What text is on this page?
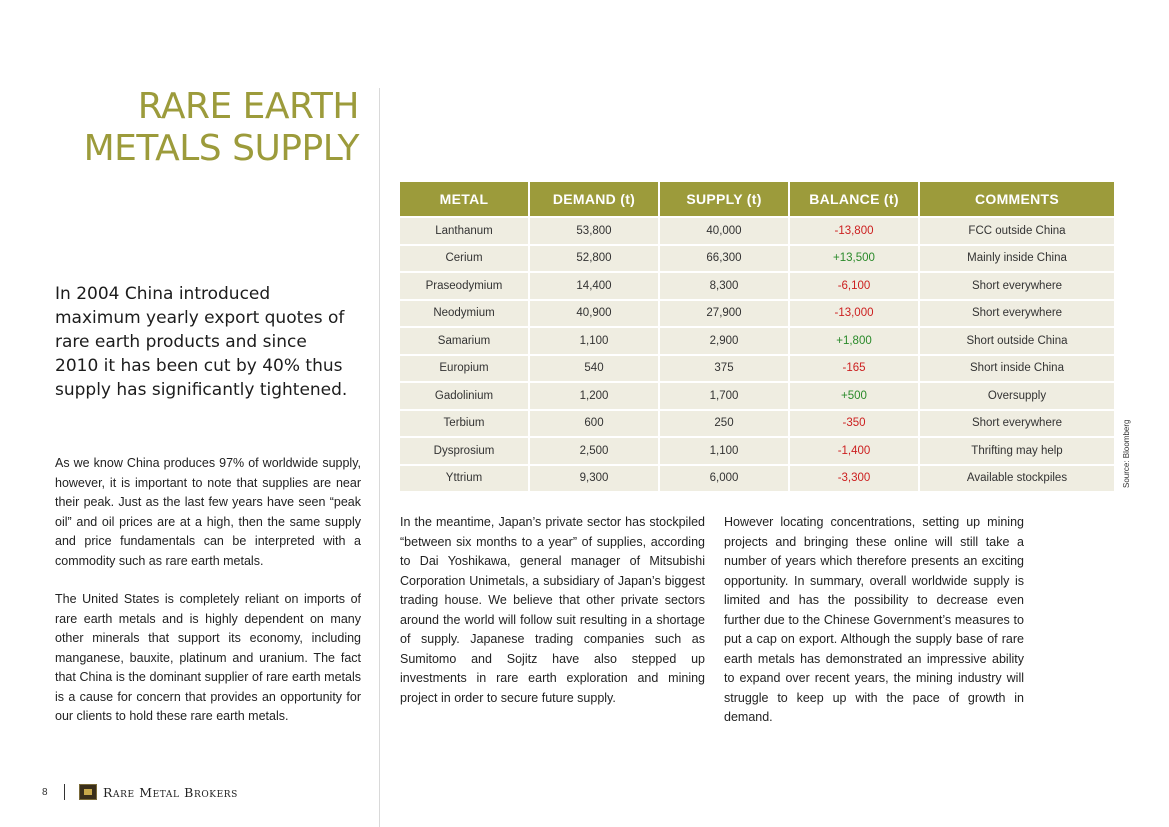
RARE EARTH
METALS SUPPLY
In 2004 China introduced maximum yearly export quotes of rare earth products and since 2010 it has been cut by 40% thus supply has significantly tightened.

As we know China produces 97% of worldwide supply, however, it is important to note that supplies are near their peak. Just as the last few years have seen “peak oil” and oil prices are at a high, then the same supply and price fundamentals can be interpreted with a commodity such as rare earth metals.

The United States is completely reliant on imports of rare earth metals and is highly dependent on many other minerals that support its economy, including manganese, bauxite, platinum and uranium. The fact that China is the dominant supplier of rare earth metals is a cause for concern that provides an opportunity for our clients to hold these rare earth metals.

METAL	DEMAND (t)	SUPPLY (t)	BALANCE (t)	COMMENTS
Lanthanum	53,800	40,000	-13,800	FCC outside China
Cerium	52,800	66,300	+13,500	Mainly inside China
Praseodymium	14,400	8,300	-6,100	Short everywhere
Neodymium	40,900	27,900	-13,000	Short everywhere
Samarium	1,100	2,900	+1,800	Short outside China
Europium	540	375	-165	Short inside China
Gadolinium	1,200	1,700	+500	Oversupply
Terbium	600	250	-350	Short everywhere
Dysprosium	2,500	1,100	-1,400	Thrifting may help
Yttrium	9,300	6,000	-3,300	Available stockpiles	Source: Bloomberg

In the meantime, Japan’s private sector has stockpiled “between six months to a year” of supplies, according to Dai Yoshikawa, general manager of Mitsubishi Corporation Unimetals, a subsidiary of Japan’s biggest trading house. We believe that other private sectors around the world will follow suit resulting in a shortage of supply. Japanese trading companies such as Sumitomo and Sojitz have also stepped up investments in rare earth exploration and mining project in order to secure future supply.

However locating concentrations, setting up mining projects and bringing these online will still take a number of years which therefore presents an exciting opportunity. In summary, overall worldwide supply is limited and has the possibility to decrease even further due to the Chinese Government’s measures to put a cap on export. Although the supply base of rare earth metals has demonstrated an impressive ability to expand over recent years, the mining industry will struggle to keep up with the pace of growth in demand.

8	Rare Metal Brokers
